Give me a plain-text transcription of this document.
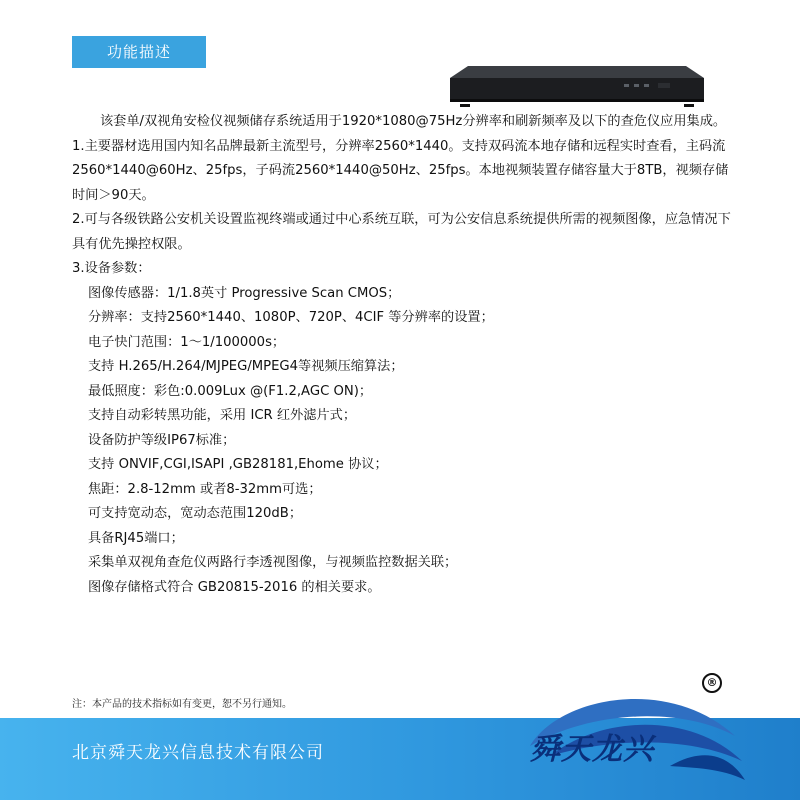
功能描述

该套单/双视角安检仪视频储存系统适用于1920*1080@75Hz分辨率和刷新频率及以下的查危仪应用集成。

1.主要器材选用国内知名品牌最新主流型号，分辨率2560*1440。支持双码流本地存储和远程实时查看，主码流2560*1440@60Hz、25fps，子码流2560*1440@50Hz、25fps。本地视频装置存储容量大于8TB，视频存储时间＞90天。

2.可与各级铁路公安机关设置监视终端或通过中心系统互联，可为公安信息系统提供所需的视频图像，应急情况下具有优先操控权限。

3.设备参数：

图像传感器：1/1.8英寸 Progressive Scan CMOS；
分辨率：支持2560*1440、1080P、720P、4CIF 等分辨率的设置；
电子快门范围：1～1/100000s；
支持 H.265/H.264/MJPEG/MPEG4等视频压缩算法；
最低照度：彩色:0.009Lux @(F1.2,AGC ON)；
支持自动彩转黑功能，采用 ICR 红外滤片式；
设备防护等级IP67标准；
支持 ONVIF,CGI,ISAPI ,GB28181,Ehome 协议；
焦距：2.8-12mm 或者8-32mm可选；
可支持宽动态，宽动态范围120dB；
具备RJ45端口；
采集单双视角查危仪两路行李透视图像，与视频监控数据关联；
图像存储格式符合 GB20815-2016 的相关要求。
注：本产品的技术指标如有变更，恕不另行通知。
®
北京舜天龙兴信息技术有限公司	舜天龙兴
